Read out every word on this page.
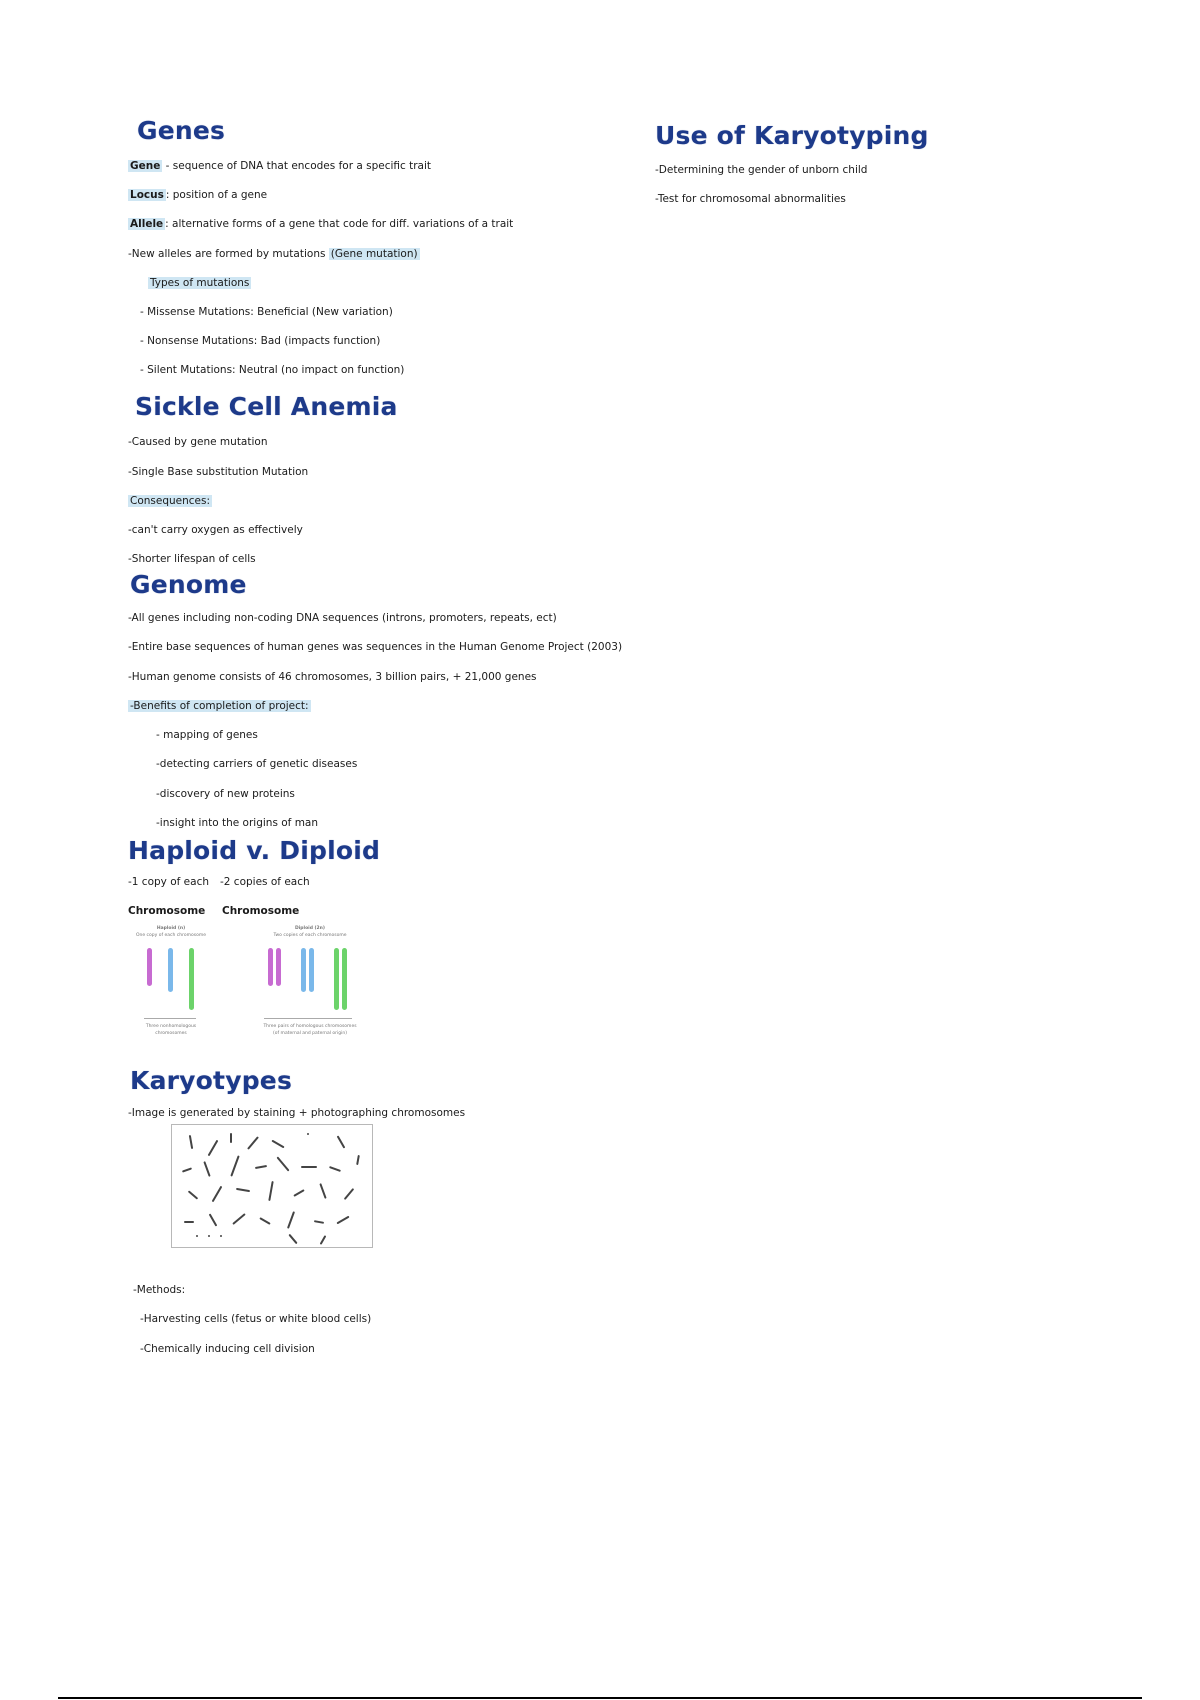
Genes
Gene - sequence of DNA that encodes for a specific trait
Locus : position of a gene
Allele : alternative forms of a gene that code for diff. variations of a trait
-New alleles are formed by mutations (Gene mutation)
Types of mutations
- Missense Mutations: Beneficial (New variation)
- Nonsense Mutations: Bad (impacts function)
- Silent Mutations: Neutral (no impact on function)
Sickle Cell Anemia
-Caused by gene mutation
-Single Base substitution Mutation
Consequences:
-can't carry oxygen as effectively
-Shorter lifespan of cells
Genome
-All genes including non-coding DNA sequences (introns, promoters, repeats, ect)
-Entire base sequences of human genes was sequences in the Human Genome Project (2003)
-Human genome consists of 46 chromosomes, 3 billion pairs, + 21,000 genes
-Benefits of completion of project:
- mapping of genes
-detecting carriers of genetic diseases
-discovery of new proteins
-insight into the origins of man
Haploid v. Diploid
-1 copy of each -2 copies of each
Chromosome Chromosome
Haploid (n)
One copy of each chromosome
Three nonhomologous
chromosomes
Diploid (2n)
Two copies of each chromosome
Three pairs of homologous chromosomes
(of maternal and paternal origin)
Karyotypes
-Image is generated by staining + photographing chromosomes
-Methods:
-Harvesting cells (fetus or white blood cells)
-Chemically inducing cell division
Use of Karyotyping
-Determining the gender of unborn child
-Test for chromosomal abnormalities
